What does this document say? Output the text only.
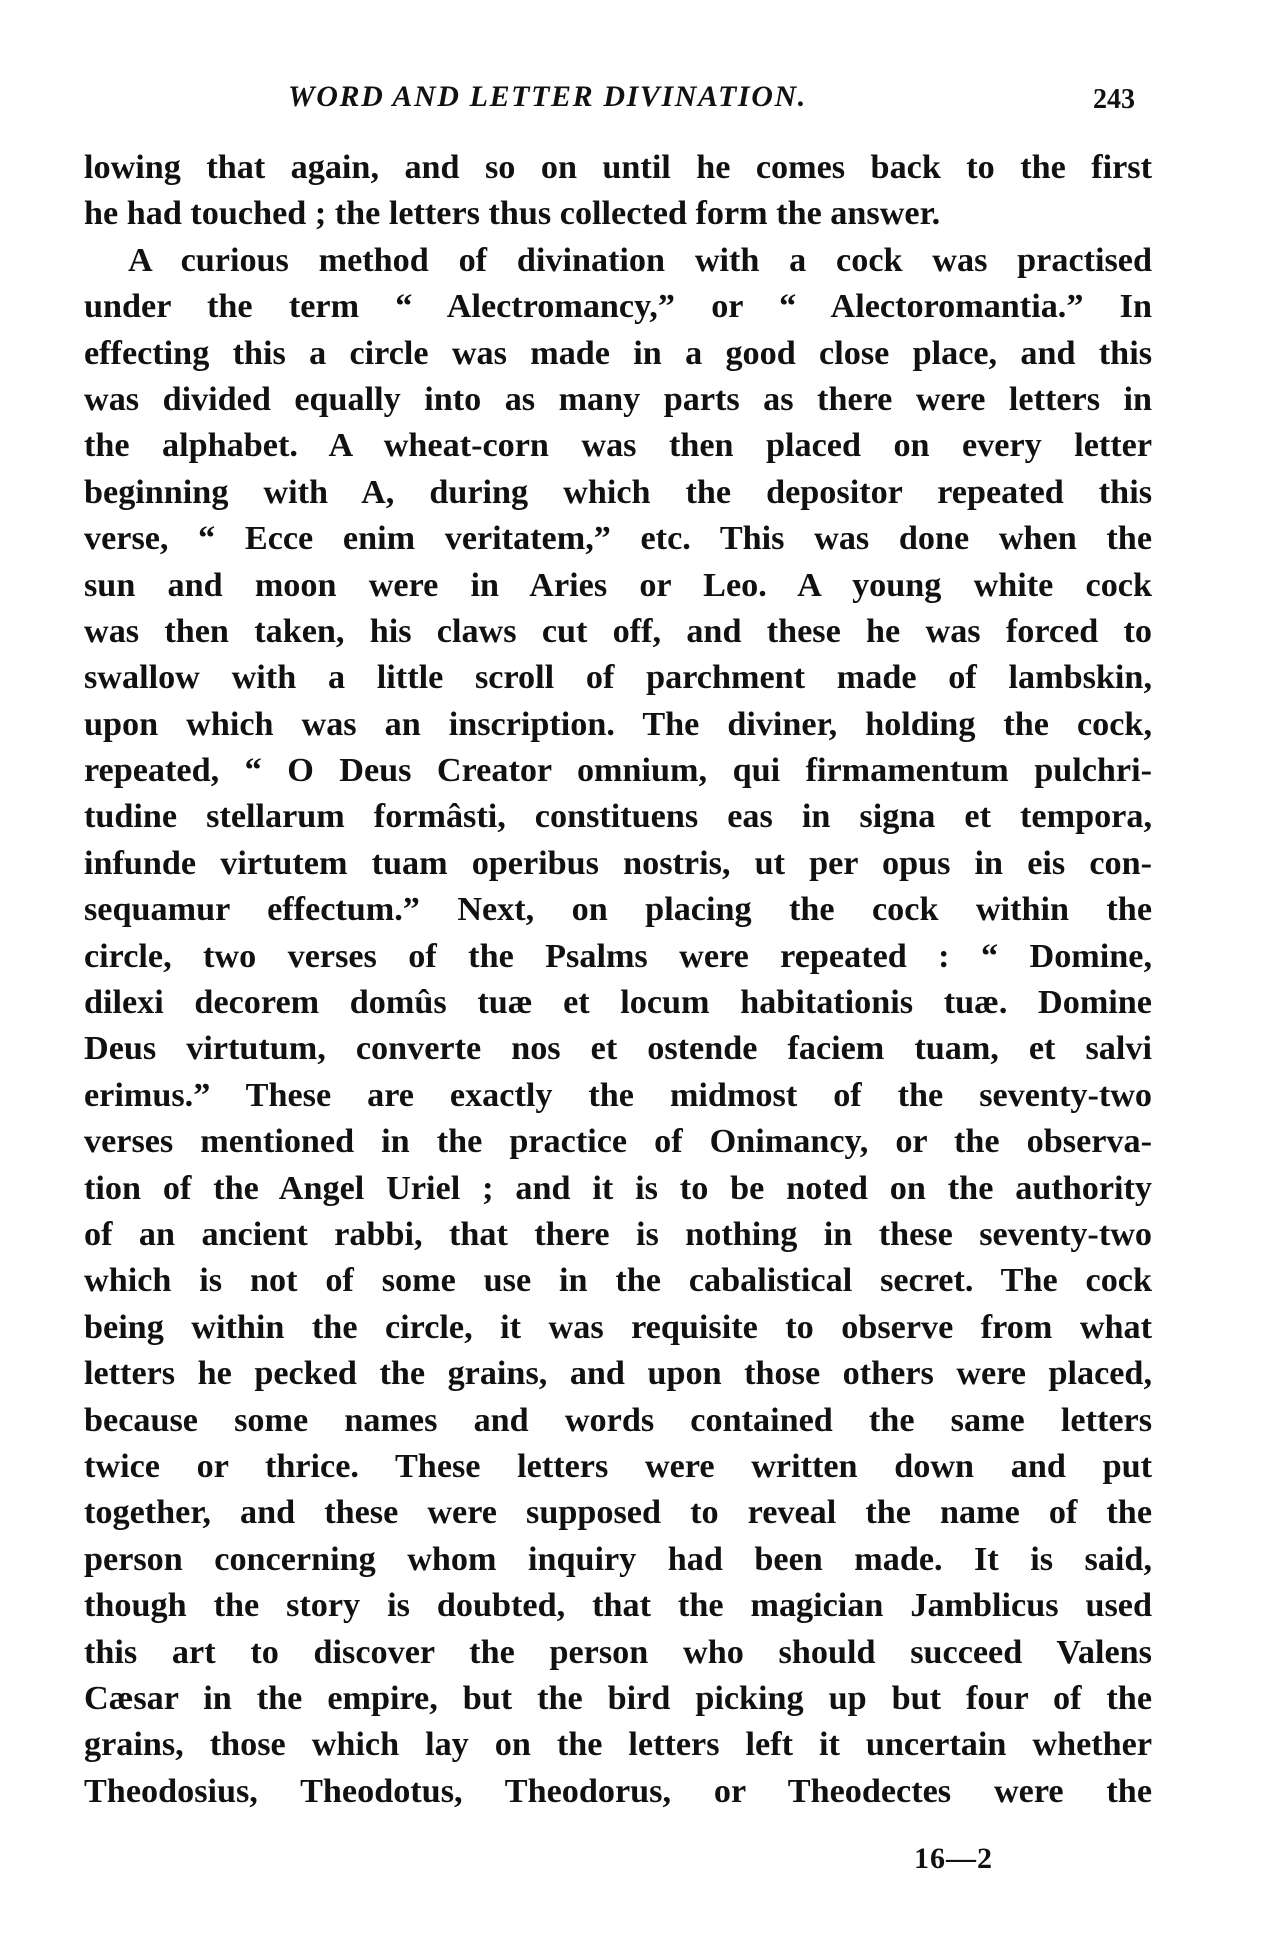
WORD AND LETTER DIVINATION.	243
lowing that again, and so on until he comes back to the first
he had touched ; the letters thus collected form the answer.
A curious method of divination with a cock was practised
under the term “ Alectromancy,” or “ Alectoromantia.” In
effecting this a circle was made in a good close place, and this
was divided equally into as many parts as there were letters in
the alphabet. A wheat-corn was then placed on every letter
beginning with A, during which the depositor repeated this
verse, “ Ecce enim veritatem,” etc. This was done when the
sun and moon were in Aries or Leo. A young white cock
was then taken, his claws cut off, and these he was forced to
swallow with a little scroll of parchment made of lambskin,
upon which was an inscription. The diviner, holding the cock,
repeated, “ O Deus Creator omnium, qui firmamentum pulchri-
tudine stellarum formâsti, constituens eas in signa et tempora,
infunde virtutem tuam operibus nostris, ut per opus in eis con-
sequamur effectum.” Next, on placing the cock within the
circle, two verses of the Psalms were repeated : “ Domine,
dilexi decorem domûs tuæ et locum habitationis tuæ. Domine
Deus virtutum, converte nos et ostende faciem tuam, et salvi
erimus.” These are exactly the midmost of the seventy-two
verses mentioned in the practice of Onimancy, or the observa-
tion of the Angel Uriel ; and it is to be noted on the authority
of an ancient rabbi, that there is nothing in these seventy-two
which is not of some use in the cabalistical secret. The cock
being within the circle, it was requisite to observe from what
letters he pecked the grains, and upon those others were placed,
because some names and words contained the same letters
twice or thrice. These letters were written down and put
together, and these were supposed to reveal the name of the
person concerning whom inquiry had been made. It is said,
though the story is doubted, that the magician Jamblicus used
this art to discover the person who should succeed Valens
Cæsar in the empire, but the bird picking up but four of the
grains, those which lay on the letters left it uncertain whether
Theodosius, Theodotus, Theodorus, or Theodectes were the
16—2
